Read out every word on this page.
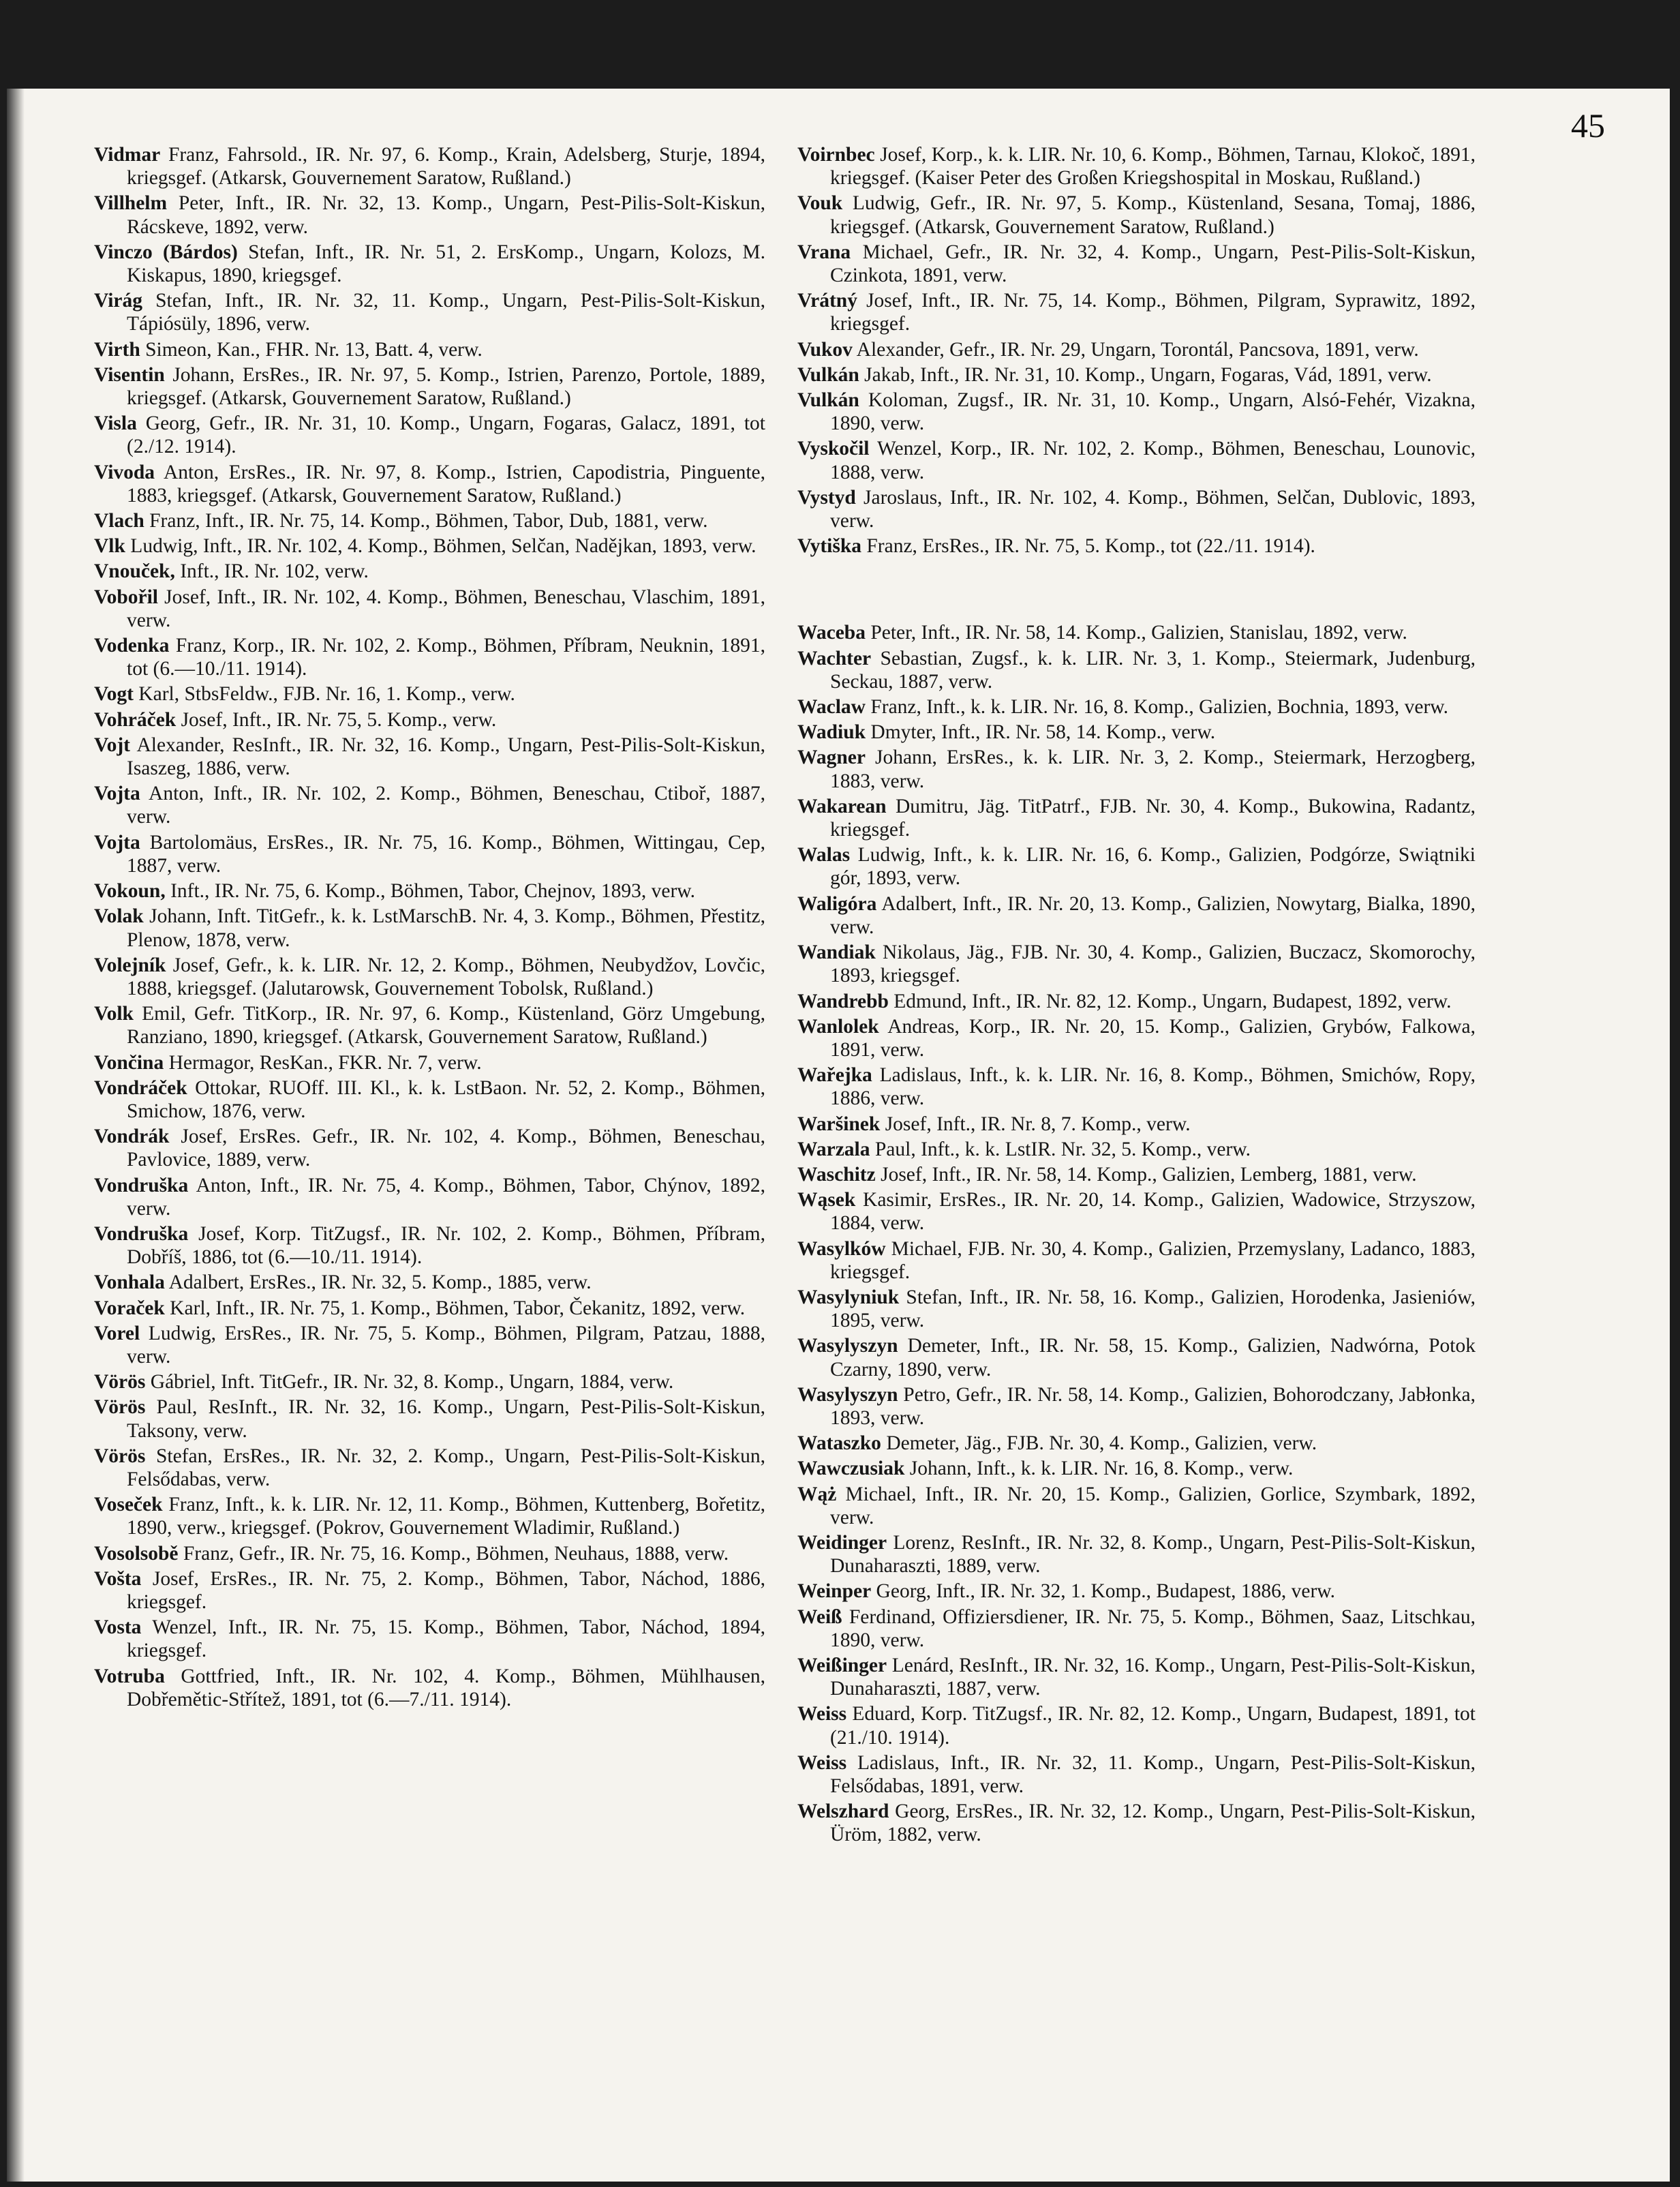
45

Vidmar Franz, Fahrsold., IR. Nr. 97, 6. Komp., Krain, Adelsberg, Sturje, 1894, kriegsgef. (Atkarsk, Gouvernement Saratow, Rußland.)

Villhelm Peter, Inft., IR. Nr. 32, 13. Komp., Ungarn, Pest-Pilis-Solt-Kiskun, Rácskeve, 1892, verw.

Vinczo (Bárdos) Stefan, Inft., IR. Nr. 51, 2. ErsKomp., Ungarn, Kolozs, M. Kiskapus, 1890, kriegsgef.

Virág Stefan, Inft., IR. Nr. 32, 11. Komp., Ungarn, Pest-Pilis-Solt-Kiskun, Tápiósüly, 1896, verw.

Virth Simeon, Kan., FHR. Nr. 13, Batt. 4, verw.

Visentin Johann, ErsRes., IR. Nr. 97, 5. Komp., Istrien, Parenzo, Portole, 1889, kriegsgef. (Atkarsk, Gouvernement Saratow, Rußland.)

Visla Georg, Gefr., IR. Nr. 31, 10. Komp., Ungarn, Fogaras, Galacz, 1891, tot (2./12. 1914).

Vivoda Anton, ErsRes., IR. Nr. 97, 8. Komp., Istrien, Capodistria, Pinguente, 1883, kriegsgef. (Atkarsk, Gouvernement Saratow, Rußland.)

Vlach Franz, Inft., IR. Nr. 75, 14. Komp., Böhmen, Tabor, Dub, 1881, verw.

Vlk Ludwig, Inft., IR. Nr. 102, 4. Komp., Böhmen, Selčan, Nadějkan, 1893, verw.

Vnouček, Inft., IR. Nr. 102, verw.

Vobořil Josef, Inft., IR. Nr. 102, 4. Komp., Böhmen, Beneschau, Vlaschim, 1891, verw.

Vodenka Franz, Korp., IR. Nr. 102, 2. Komp., Böhmen, Příbram, Neuknin, 1891, tot (6.—10./11. 1914).

Vogt Karl, StbsFeldw., FJB. Nr. 16, 1. Komp., verw.

Vohráček Josef, Inft., IR. Nr. 75, 5. Komp., verw.

Vojt Alexander, ResInft., IR. Nr. 32, 16. Komp., Ungarn, Pest-Pilis-Solt-Kiskun, Isaszeg, 1886, verw.

Vojta Anton, Inft., IR. Nr. 102, 2. Komp., Böhmen, Beneschau, Ctiboř, 1887, verw.

Vojta Bartolomäus, ErsRes., IR. Nr. 75, 16. Komp., Böhmen, Wittingau, Cep, 1887, verw.

Vokoun, Inft., IR. Nr. 75, 6. Komp., Böhmen, Tabor, Chejnov, 1893, verw.

Volak Johann, Inft. TitGefr., k. k. LstMarschB. Nr. 4, 3. Komp., Böhmen, Přestitz, Plenow, 1878, verw.

Volejník Josef, Gefr., k. k. LIR. Nr. 12, 2. Komp., Böhmen, Neubydžov, Lovčic, 1888, kriegsgef. (Jalutarowsk, Gouvernement Tobolsk, Rußland.)

Volk Emil, Gefr. TitKorp., IR. Nr. 97, 6. Komp., Küstenland, Görz Umgebung, Ranziano, 1890, kriegsgef. (Atkarsk, Gouvernement Saratow, Rußland.)

Vončina Hermagor, ResKan., FKR. Nr. 7, verw.

Vondráček Ottokar, RUOff. III. Kl., k. k. LstBaon. Nr. 52, 2. Komp., Böhmen, Smichow, 1876, verw.

Vondrák Josef, ErsRes. Gefr., IR. Nr. 102, 4. Komp., Böhmen, Beneschau, Pavlovice, 1889, verw.

Vondruška Anton, Inft., IR. Nr. 75, 4. Komp., Böhmen, Tabor, Chýnov, 1892, verw.

Vondruška Josef, Korp. TitZugsf., IR. Nr. 102, 2. Komp., Böhmen, Příbram, Dobříš, 1886, tot (6.—10./11. 1914).

Vonhala Adalbert, ErsRes., IR. Nr. 32, 5. Komp., 1885, verw.

Voraček Karl, Inft., IR. Nr. 75, 1. Komp., Böhmen, Tabor, Čekanitz, 1892, verw.

Vorel Ludwig, ErsRes., IR. Nr. 75, 5. Komp., Böhmen, Pilgram, Patzau, 1888, verw.

Vörös Gábriel, Inft. TitGefr., IR. Nr. 32, 8. Komp., Ungarn, 1884, verw.

Vörös Paul, ResInft., IR. Nr. 32, 16. Komp., Ungarn, Pest-Pilis-Solt-Kiskun, Taksony, verw.

Vörös Stefan, ErsRes., IR. Nr. 32, 2. Komp., Ungarn, Pest-Pilis-Solt-Kiskun, Felsődabas, verw.

Voseček Franz, Inft., k. k. LIR. Nr. 12, 11. Komp., Böhmen, Kuttenberg, Bořetitz, 1890, verw., kriegsgef. (Pokrov, Gouvernement Wladimir, Rußland.)

Vosolsobě Franz, Gefr., IR. Nr. 75, 16. Komp., Böhmen, Neuhaus, 1888, verw.

Vošta Josef, ErsRes., IR. Nr. 75, 2. Komp., Böhmen, Tabor, Náchod, 1886, kriegsgef.

Vosta Wenzel, Inft., IR. Nr. 75, 15. Komp., Böhmen, Tabor, Náchod, 1894, kriegsgef.

Votruba Gottfried, Inft., IR. Nr. 102, 4. Komp., Böhmen, Mühlhausen, Dobřemětic-Střítež, 1891, tot (6.—7./11. 1914).

Voirnbec Josef, Korp., k. k. LIR. Nr. 10, 6. Komp., Böhmen, Tarnau, Klokoč, 1891, kriegsgef. (Kaiser Peter des Großen Kriegshospital in Moskau, Rußland.)

Vouk Ludwig, Gefr., IR. Nr. 97, 5. Komp., Küstenland, Sesana, Tomaj, 1886, kriegsgef. (Atkarsk, Gouvernement Saratow, Rußland.)

Vrana Michael, Gefr., IR. Nr. 32, 4. Komp., Ungarn, Pest-Pilis-Solt-Kiskun, Czinkota, 1891, verw.

Vrátný Josef, Inft., IR. Nr. 75, 14. Komp., Böhmen, Pilgram, Syprawitz, 1892, kriegsgef.

Vukov Alexander, Gefr., IR. Nr. 29, Ungarn, Torontál, Pancsova, 1891, verw.

Vulkán Jakab, Inft., IR. Nr. 31, 10. Komp., Ungarn, Fogaras, Vád, 1891, verw.

Vulkán Koloman, Zugsf., IR. Nr. 31, 10. Komp., Ungarn, Alsó-Fehér, Vizakna, 1890, verw.

Vyskočil Wenzel, Korp., IR. Nr. 102, 2. Komp., Böhmen, Beneschau, Lounovic, 1888, verw.

Vystyd Jaroslaus, Inft., IR. Nr. 102, 4. Komp., Böhmen, Selčan, Dublovic, 1893, verw.

Vytiška Franz, ErsRes., IR. Nr. 75, 5. Komp., tot (22./11. 1914).

Waceba Peter, Inft., IR. Nr. 58, 14. Komp., Galizien, Stanislau, 1892, verw.

Wachter Sebastian, Zugsf., k. k. LIR. Nr. 3, 1. Komp., Steiermark, Judenburg, Seckau, 1887, verw.

Waclaw Franz, Inft., k. k. LIR. Nr. 16, 8. Komp., Galizien, Bochnia, 1893, verw.

Wadiuk Dmyter, Inft., IR. Nr. 58, 14. Komp., verw.

Wagner Johann, ErsRes., k. k. LIR. Nr. 3, 2. Komp., Steiermark, Herzogberg, 1883, verw.

Wakarean Dumitru, Jäg. TitPatrf., FJB. Nr. 30, 4. Komp., Bukowina, Radantz, kriegsgef.

Walas Ludwig, Inft., k. k. LIR. Nr. 16, 6. Komp., Galizien, Podgórze, Swiątniki gór, 1893, verw.

Waligóra Adalbert, Inft., IR. Nr. 20, 13. Komp., Galizien, Nowytarg, Bialka, 1890, verw.

Wandiak Nikolaus, Jäg., FJB. Nr. 30, 4. Komp., Galizien, Buczacz, Skomorochy, 1893, kriegsgef.

Wandrebb Edmund, Inft., IR. Nr. 82, 12. Komp., Ungarn, Budapest, 1892, verw.

Wanlolek Andreas, Korp., IR. Nr. 20, 15. Komp., Galizien, Grybów, Falkowa, 1891, verw.

Wařejka Ladislaus, Inft., k. k. LIR. Nr. 16, 8. Komp., Böhmen, Smichów, Ropy, 1886, verw.

Waršinek Josef, Inft., IR. Nr. 8, 7. Komp., verw.

Warzala Paul, Inft., k. k. LstIR. Nr. 32, 5. Komp., verw.

Waschitz Josef, Inft., IR. Nr. 58, 14. Komp., Galizien, Lemberg, 1881, verw.

Wąsek Kasimir, ErsRes., IR. Nr. 20, 14. Komp., Galizien, Wadowice, Strzyszow, 1884, verw.

Wasylków Michael, FJB. Nr. 30, 4. Komp., Galizien, Przemyslany, Ladanco, 1883, kriegsgef.

Wasylyniuk Stefan, Inft., IR. Nr. 58, 16. Komp., Galizien, Horodenka, Jasieniów, 1895, verw.

Wasylyszyn Demeter, Inft., IR. Nr. 58, 15. Komp., Galizien, Nadwórna, Potok Czarny, 1890, verw.

Wasylyszyn Petro, Gefr., IR. Nr. 58, 14. Komp., Galizien, Bohorodczany, Jabłonka, 1893, verw.

Wataszko Demeter, Jäg., FJB. Nr. 30, 4. Komp., Galizien, verw.

Wawczusiak Johann, Inft., k. k. LIR. Nr. 16, 8. Komp., verw.

Wąż Michael, Inft., IR. Nr. 20, 15. Komp., Galizien, Gorlice, Szymbark, 1892, verw.

Weidinger Lorenz, ResInft., IR. Nr. 32, 8. Komp., Ungarn, Pest-Pilis-Solt-Kiskun, Dunaharaszti, 1889, verw.

Weinper Georg, Inft., IR. Nr. 32, 1. Komp., Budapest, 1886, verw.

Weiß Ferdinand, Offiziersdiener, IR. Nr. 75, 5. Komp., Böhmen, Saaz, Litschkau, 1890, verw.

Weißinger Lenárd, ResInft., IR. Nr. 32, 16. Komp., Ungarn, Pest-Pilis-Solt-Kiskun, Dunaharaszti, 1887, verw.

Weiss Eduard, Korp. TitZugsf., IR. Nr. 82, 12. Komp., Ungarn, Budapest, 1891, tot (21./10. 1914).

Weiss Ladislaus, Inft., IR. Nr. 32, 11. Komp., Ungarn, Pest-Pilis-Solt-Kiskun, Felsődabas, 1891, verw.

Welszhard Georg, ErsRes., IR. Nr. 32, 12. Komp., Ungarn, Pest-Pilis-Solt-Kiskun, Üröm, 1882, verw.
